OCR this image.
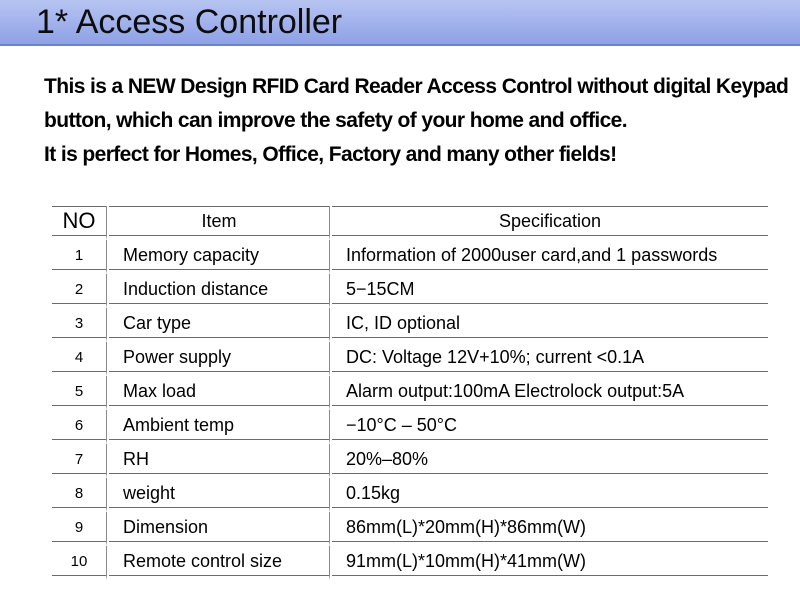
1* Access Controller

This is a NEW Design RFID Card Reader Access Control without digital Keypad

button, which can improve the safety of your home and office.

It is perfect for Homes, Office, Factory and many other fields!

NO	Item	Specification
1	Memory capacity	Information of 2000user card,and 1 passwords
2	Induction distance	5−15CM
3	Car type	IC, ID optional
4	Power supply	DC: Voltage 12V+10%; current <0.1A
5	Max load	Alarm output:100mA Electrolock output:5A
6	Ambient temp	−10°C – 50°C
7	RH	20%–80%
8	weight	0.15kg
9	Dimension	86mm(L)*20mm(H)*86mm(W)
10	Remote control size	91mm(L)*10mm(H)*41mm(W)
